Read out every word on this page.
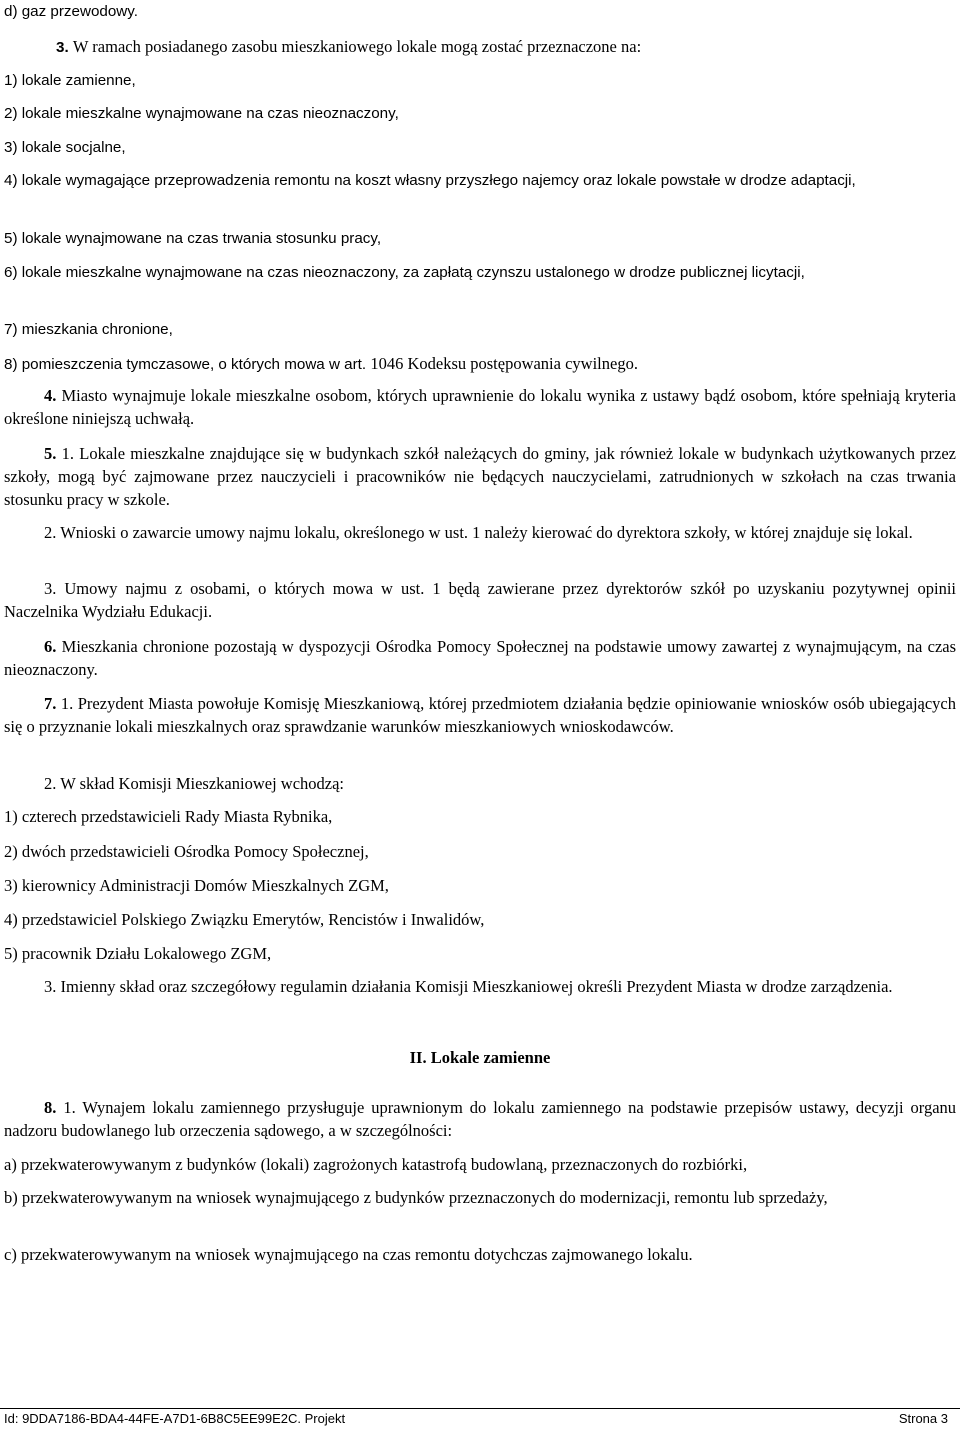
d) gaz przewodowy.

3. W ramach posiadanego zasobu mieszkaniowego lokale mogą zostać przeznaczone na:

1) lokale zamienne,

2) lokale mieszkalne wynajmowane na czas nieoznaczony,

3) lokale socjalne,

4) lokale wymagające przeprowadzenia remontu na koszt własny przyszłego najemcy oraz lokale powstałe w drodze adaptacji,

5) lokale wynajmowane na czas trwania stosunku pracy,

6) lokale mieszkalne wynajmowane na czas nieoznaczony, za zapłatą czynszu ustalonego w drodze publicznej licytacji,

7) mieszkania chronione,

8) pomieszczenia tymczasowe, o których mowa w art. 1046 Kodeksu postępowania cywilnego.

4. Miasto wynajmuje lokale mieszkalne osobom, których uprawnienie do lokalu wynika z ustawy bądź osobom, które spełniają kryteria określone niniejszą uchwałą.

5. 1. Lokale mieszkalne znajdujące się w budynkach szkół należących do gminy, jak również lokale w budynkach użytkowanych przez szkoły, mogą być zajmowane przez nauczycieli i pracowników nie będących nauczycielami, zatrudnionych w szkołach na czas trwania stosunku pracy w szkole.

2. Wnioski o zawarcie umowy najmu lokalu, określonego w ust. 1 należy kierować do dyrektora szkoły, w której znajduje się lokal.

3. Umowy najmu z osobami, o których mowa w ust. 1 będą zawierane przez dyrektorów szkół po uzyskaniu pozytywnej opinii Naczelnika Wydziału Edukacji.

6. Mieszkania chronione pozostają w dyspozycji Ośrodka Pomocy Społecznej na podstawie umowy zawartej z wynajmującym, na czas nieoznaczony.

7. 1. Prezydent Miasta powołuje Komisję Mieszkaniową, której przedmiotem działania będzie opiniowanie wniosków osób ubiegających się o przyznanie lokali mieszkalnych oraz sprawdzanie warunków mieszkaniowych wnioskodawców.

2. W skład Komisji Mieszkaniowej wchodzą:

1) czterech przedstawicieli Rady Miasta Rybnika,

2) dwóch przedstawicieli Ośrodka Pomocy Społecznej,

3) kierownicy Administracji Domów Mieszkalnych ZGM,

4) przedstawiciel Polskiego Związku Emerytów, Rencistów i Inwalidów,

5) pracownik Działu Lokalowego ZGM,

3. Imienny skład oraz szczegółowy regulamin działania Komisji Mieszkaniowej określi Prezydent Miasta w drodze zarządzenia.

II. Lokale zamienne

8. 1. Wynajem lokalu zamiennego przysługuje uprawnionym do lokalu zamiennego na podstawie przepisów ustawy, decyzji organu nadzoru budowlanego lub orzeczenia sądowego, a w szczególności:

a) przekwaterowywanym z budynków (lokali) zagrożonych katastrofą budowlaną, przeznaczonych do rozbiórki,

b) przekwaterowywanym na wniosek wynajmującego z budynków przeznaczonych do modernizacji, remontu lub sprzedaży,

c) przekwaterowywanym na wniosek wynajmującego na czas remontu dotychczas zajmowanego lokalu.

Id: 9DDA7186-BDA4-44FE-A7D1-6B8C5EE99E2C. Projekt	Strona 3
